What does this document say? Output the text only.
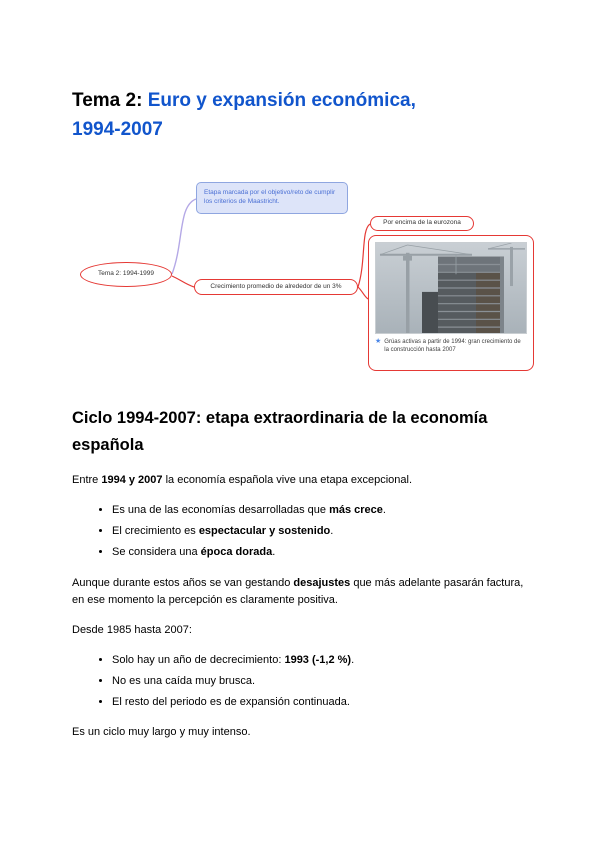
Tema 2: Euro y expansión económica,
1994-2007
Tema 2: 1994-1999
Etapa marcada por el objetivo/reto de cumplir los criterios de Maastricht.
Crecimiento promedio de alrededor de un 3%
Por encima de la eurozona
★ Grúas activas a partir de 1994: gran crecimiento de la construcción hasta 2007
Ciclo 1994-2007: etapa extraordinaria de la economía española

Entre 1994 y 2007 la economía española vive una etapa excepcional.

• Es una de las economías desarrolladas que más crece.
• El crecimiento es espectacular y sostenido.
• Se considera una época dorada.

Aunque durante estos años se van gestando desajustes que más adelante pasarán factura, en ese momento la percepción es claramente positiva.

Desde 1985 hasta 2007:

• Solo hay un año de decrecimiento: 1993 (-1,2 %).
• No es una caída muy brusca.
• El resto del periodo es de expansión continuada.

Es un ciclo muy largo y muy intenso.
